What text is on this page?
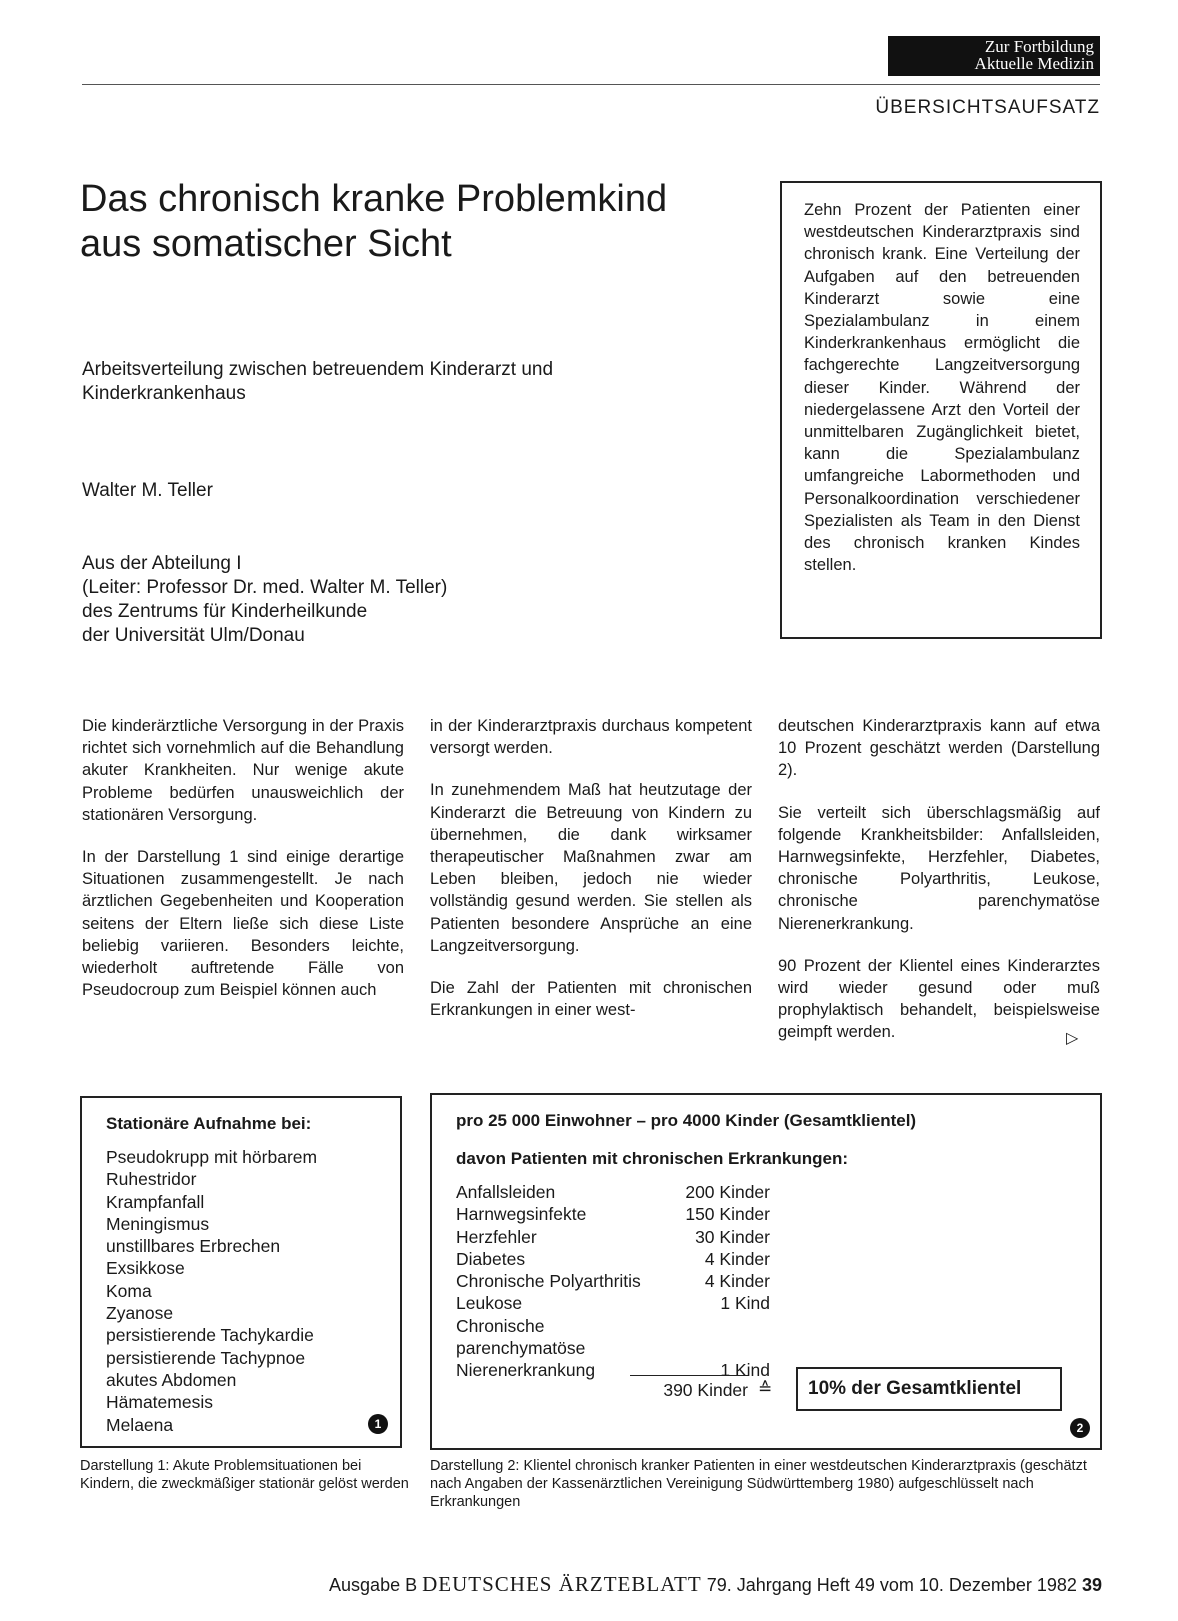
Zur Fortbildung
Aktuelle Medizin
ÜBERSICHTSAUFSATZ
Das chronisch kranke Problemkind aus somatischer Sicht
Arbeitsverteilung zwischen betreuendem Kinderarzt und Kinderkrankenhaus
Walter M. Teller
Aus der Abteilung I
(Leiter: Professor Dr. med. Walter M. Teller)
des Zentrums für Kinderheilkunde
der Universität Ulm/Donau
Zehn Prozent der Patienten einer westdeutschen Kinderarztpraxis sind chronisch krank. Eine Verteilung der Aufgaben auf den betreuenden Kinderarzt sowie eine Spezialambulanz in einem Kinderkrankenhaus ermöglicht die fachgerechte Langzeitversorgung dieser Kinder. Während der niedergelassene Arzt den Vorteil der unmittelbaren Zugänglichkeit bietet, kann die Spezialambulanz umfangreiche Labormethoden und Personalkoordination verschiedener Spezialisten als Team in den Dienst des chronisch kranken Kindes stellen.

Die kinderärztliche Versorgung in der Praxis richtet sich vornehmlich auf die Behandlung akuter Krankheiten. Nur wenige akute Probleme bedürfen unausweichlich der stationären Versorgung.

In der Darstellung 1 sind einige derartige Situationen zusammengestellt. Je nach ärztlichen Gegebenheiten und Kooperation seitens der Eltern ließe sich diese Liste beliebig variieren. Besonders leichte, wiederholt auftretende Fälle von Pseudocroup zum Beispiel können auch

in der Kinderarztpraxis durchaus kompetent versorgt werden.

In zunehmendem Maß hat heutzutage der Kinderarzt die Betreuung von Kindern zu übernehmen, die dank wirksamer therapeutischer Maßnahmen zwar am Leben bleiben, jedoch nie wieder vollständig gesund werden. Sie stellen als Patienten besondere Ansprüche an eine Langzeitversorgung.

Die Zahl der Patienten mit chronischen Erkrankungen in einer west-

deutschen Kinderarztpraxis kann auf etwa 10 Prozent geschätzt werden (Darstellung 2).

Sie verteilt sich überschlagsmäßig auf folgende Krankheitsbilder: Anfallsleiden, Harnwegsinfekte, Herzfehler, Diabetes, chronische Polyarthritis, Leukose, chronische parenchymatöse Nierenerkrankung.

90 Prozent der Klientel eines Kinderarztes wird wieder gesund oder muß prophylaktisch behandelt, beispielsweise geimpft werden.	▷
Stationäre Aufnahme bei:
Pseudokrupp mit hörbarem
Ruhestridor
Krampfanfall
Meningismus
unstillbares Erbrechen
Exsikkose
Koma
Zyanose
persistierende Tachykardie
persistierende Tachypnoe
akutes Abdomen
Hämatemesis
Melaena	1
Darstellung 1: Akute Problemsituationen bei Kindern, die zweckmäßiger stationär gelöst werden
pro 25 000 Einwohner – pro 4000 Kinder (Gesamtklientel)
davon Patienten mit chronischen Erkrankungen:
Anfallsleiden	200 Kinder
Harnwegsinfekte	150 Kinder
Herzfehler	30 Kinder
Diabetes	4 Kinder
Chronische Polyarthritis	4 Kinder
Leukose	1 Kind
Chronische
parenchymatöse
Nierenerkrankung	1 Kind
390 Kinder ≙	10% der Gesamtklientel
2
Darstellung 2: Klientel chronisch kranker Patienten in einer westdeutschen Kinderarztpraxis (geschätzt nach Angaben der Kassenärztlichen Vereinigung Südwürttemberg 1980) aufgeschlüsselt nach Erkrankungen
Ausgabe B DEUTSCHES ÄRZTEBLATT 79. Jahrgang Heft 49 vom 10. Dezember 1982 39
